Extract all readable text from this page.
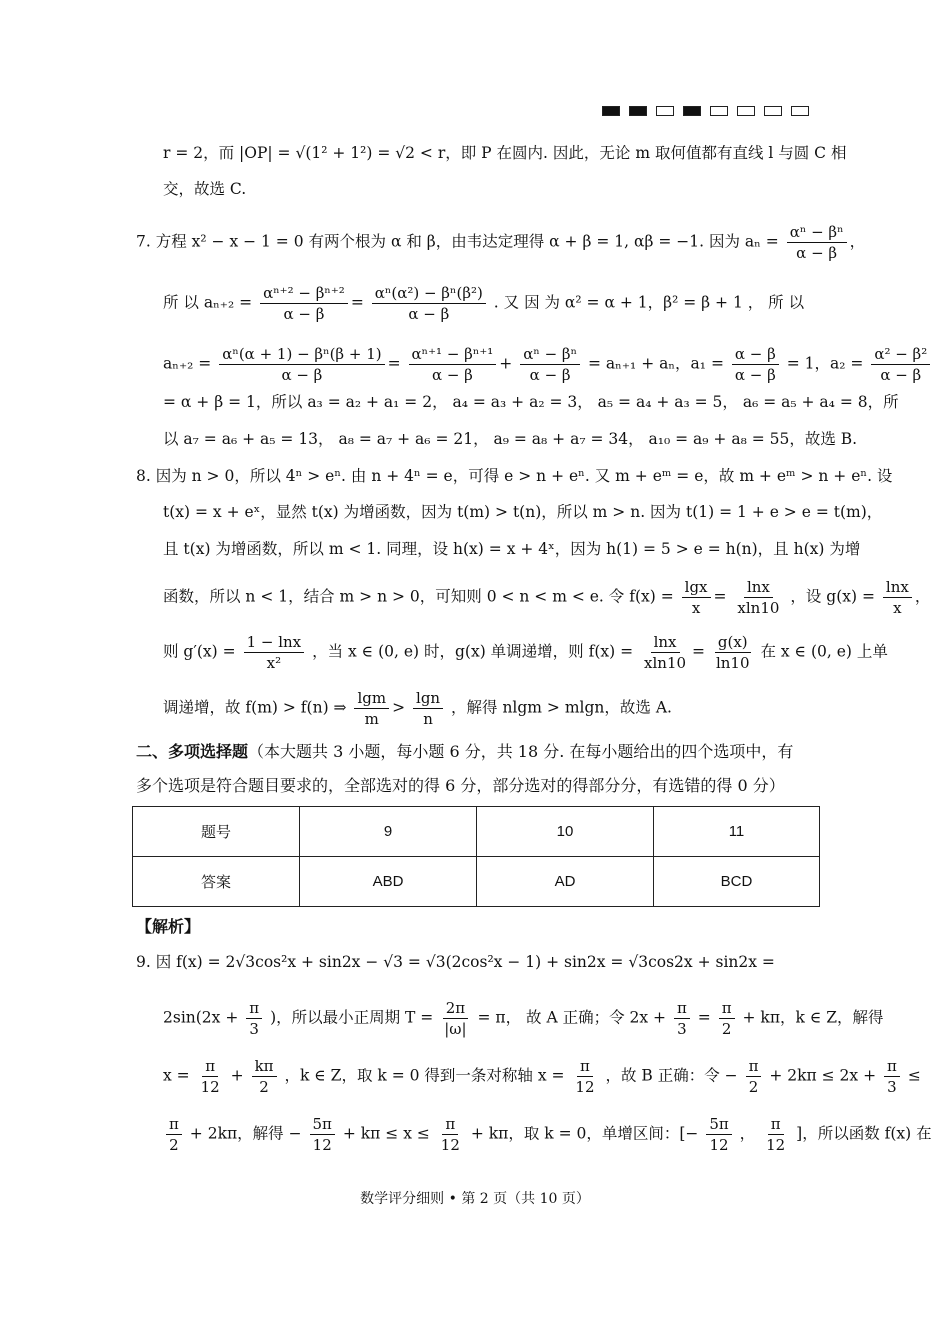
r = 2，而 |OP| = √(1² + 1²) = √2 < r，即 P 在圆内. 因此，无论 m 取何值都有直线 l 与圆 C 相
交，故选 C.
7. 方程 x² − x − 1 = 0 有两个根为 α 和 β，由韦达定理得 α + β = 1, αβ = −1. 因为 $a_n = \frac{\text{αⁿ − βⁿ}}{\alpha - \beta}$ ，
所 以 $a_{n+2} = \frac{\text{αⁿ⁺² − βⁿ⁺²}}{\alpha - \beta} = \frac{\text{αⁿ(α²) − βⁿ(β²)}}{\alpha - \beta}$ . 又 因 为 α² = α + 1，β² = β + 1 ， 所 以
$a_{n+2} = \frac{\text{αⁿ(α + 1) − βⁿ(β + 1)}}{\alpha - \beta} = \frac{\text{αⁿ⁺¹ − βⁿ⁺¹}}{\alpha - \beta} + \frac{\text{αⁿ − βⁿ}}{\alpha - \beta} = a_{n+1} + a_n$，$a_1 = \frac{\alpha - \beta}{\alpha - \beta} = 1$，$a_2 = \frac{\text{α² − β²}}{\alpha - \beta}$
= α + β = 1，所以 a₃ = a₂ + a₁ = 2， a₄ = a₃ + a₂ = 3， a₅ = a₄ + a₃ = 5， a₆ = a₅ + a₄ = 8，所
以 a₇ = a₆ + a₅ = 13， a₈ = a₇ + a₆ = 21， a₉ = a₈ + a₇ = 34， a₁₀ = a₉ + a₈ = 55，故选 B.
8. 因为 n > 0，所以 4ⁿ > eⁿ. 由 n + 4ⁿ = e，可得 e > n + eⁿ. 又 m + eᵐ = e，故 m + eᵐ > n + eⁿ. 设
t(x) = x + eˣ，显然 t(x) 为增函数，因为 t(m) > t(n)，所以 m > n. 因为 t(1) = 1 + e > e = t(m)，
且 t(x) 为增函数，所以 m < 1. 同理，设 h(x) = x + 4ˣ，因为 h(1) = 5 > e = h(n)，且 h(x) 为增
函数，所以 n < 1，结合 m > n > 0，可知则 0 < n < m < e. 令 $f(x) = \frac{\lg x}{x} = \frac{\ln x}{xln10}$ ，设 $g(x) = \frac{\ln x}{x}$ ，
则 $g'(x) = \frac{1 - \ln x}{\text{x²}}$ ，当 x ∈ (0, e) 时，g(x) 单调递增，则 $f(x) = \frac{\ln x}{xln10} = \frac{g(x)}{\ln 10}$ 在 x ∈ (0, e) 上单
调递增，故 f(m) > f(n) ⇒ $\frac{\lg m}{m} > \frac{\lg n}{n}$ ，解得 nlgm > mlgn，故选 A.
二、多项选择题（本大题共 3 小题，每小题 6 分，共 18 分. 在每小题给出的四个选项中，有
多个选项是符合题目要求的，全部选对的得 6 分，部分选对的得部分分，有选错的得 0 分）
题号	9	10	11
答案	ABD	AD	BCD
【解析】
9. 因 f(x) = 2√3cos²x + sin2x − √3 = √3(2cos²x − 1) + sin2x = √3cos2x + sin2x =
$2\sin(2x + \frac{\pi}{3}$ )，所以最小正周期 $T = \frac{2\pi}{|\omega|} = \pi$， 故 A 正确；令 $2x + \frac{\pi}{3} = \frac{\pi}{2} + k\pi$，k ∈ Z，解得
$x = \frac{\pi}{12} + \frac{k\pi}{2}$ ，k ∈ Z，取 k = 0 得到一条对称轴 $x = \frac{\pi}{12}$ ，故 B 正确：令 − $\frac{\pi}{2} + 2k\pi \le 2x + \frac{\pi}{3}$ ≤
$\frac{\pi}{2} + 2k\pi$，解得 − $\frac{5\pi}{12} + k\pi \le x \le \frac{\pi}{12} + k\pi$，取 k = 0，单增区间：[− $\frac{5\pi}{12}$ ， $\frac{\pi}{12}$ ]，所以函数 f(x) 在
数学评分细则 • 第 2 页（共 10 页）
